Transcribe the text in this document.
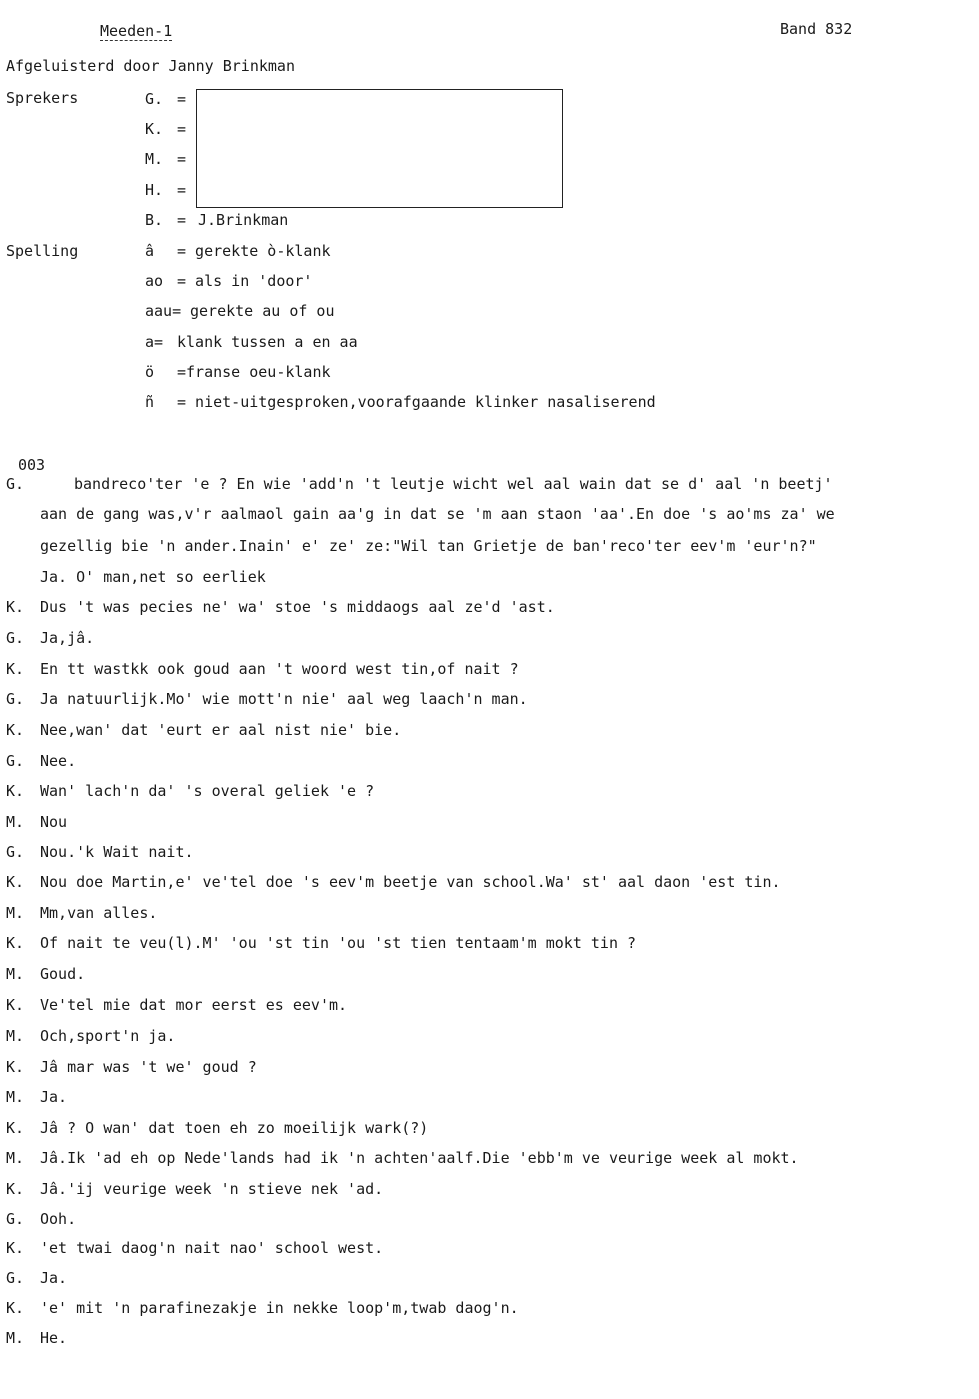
Meeden-1	Band 832
Afgeluisterd door Janny Brinkman
Sprekers	G. =
K. =
M. =
H. =
B. = J.Brinkman
Spelling	â = gerekte ò-klank
ao = als in 'door'
aau= gerekte au of ou
a= klank tussen a en aa
ö =franse oeu-klank
ñ = niet-uitgesproken,voorafgaande klinker nasaliserend
003
G.	bandreco'ter 'e ? En wie 'add'n 't leutje wicht wel aal wain dat se d' aal 'n beetj'
aan de gang was,v'r aalmaol gain aa'g in dat se 'm aan staon 'aa'.En doe 's ao'ms za' we
gezellig bie 'n ander.Inain' e' ze' ze:"Wil tan Grietje de ban'reco'ter eev'm 'eur'n?"
Ja. O' man,net so eerliek
K. Dus 't was pecies ne' wa' stoe 's middaogs aal ze'd 'ast.
G. Ja,jâ.
K. En tt wastkk ook goud aan 't woord west tin,of nait ?
G. Ja natuurlijk.Mo' wie mott'n nie' aal weg laach'n man.
K. Nee,wan' dat 'eurt er aal nist nie' bie.
G. Nee.
K. Wan' lach'n da' 's overal geliek 'e ?
M. Nou
G. Nou.'k Wait nait.
K. Nou doe Martin,e' ve'tel doe 's eev'm beetje van school.Wa' st' aal daon 'est tin.
M. Mm,van alles.
K. Of nait te veu(l).M' 'ou 'st tin 'ou 'st tien tentaam'm mokt tin ?
M. Goud.
K. Ve'tel mie dat mor eerst es eev'm.
M. Och,sport'n ja.
K. Jâ mar was 't we' goud ?
M. Ja.
K. Jâ ? O wan' dat toen eh zo moeilijk wark(?)
M. Jâ.Ik 'ad eh op Nede'lands had ik 'n achten'aalf.Die 'ebb'm ve veurige week al mokt.
K. Jâ.'ij veurige week 'n stieve nek 'ad.
G. Ooh.
K. 'et twai daog'n nait nao' school west.
G. Ja.
K. 'e' mit 'n parafinezakje in nekke loop'm,twab daog'n.
M. He.
